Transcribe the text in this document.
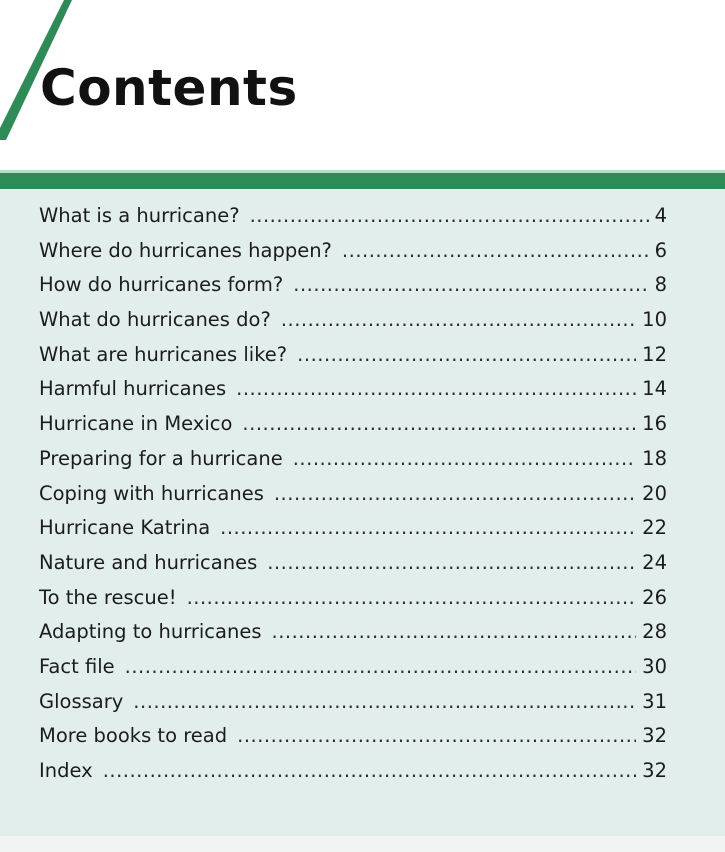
Contents
What is a hurricane? .....	4
Where do hurricanes happen? .....	6
How do hurricanes form? .....	8
What do hurricanes do? .....	10
What are hurricanes like? .....	12
Harmful hurricanes .....	14
Hurricane in Mexico .....	16
Preparing for a hurricane .....	18
Coping with hurricanes .....	20
Hurricane Katrina .....	22
Nature and hurricanes .....	24
To the rescue! .....	26
Adapting to hurricanes .....	28
Fact file .....	30
Glossary .....	31
More books to read .....	32
Index .....	32
